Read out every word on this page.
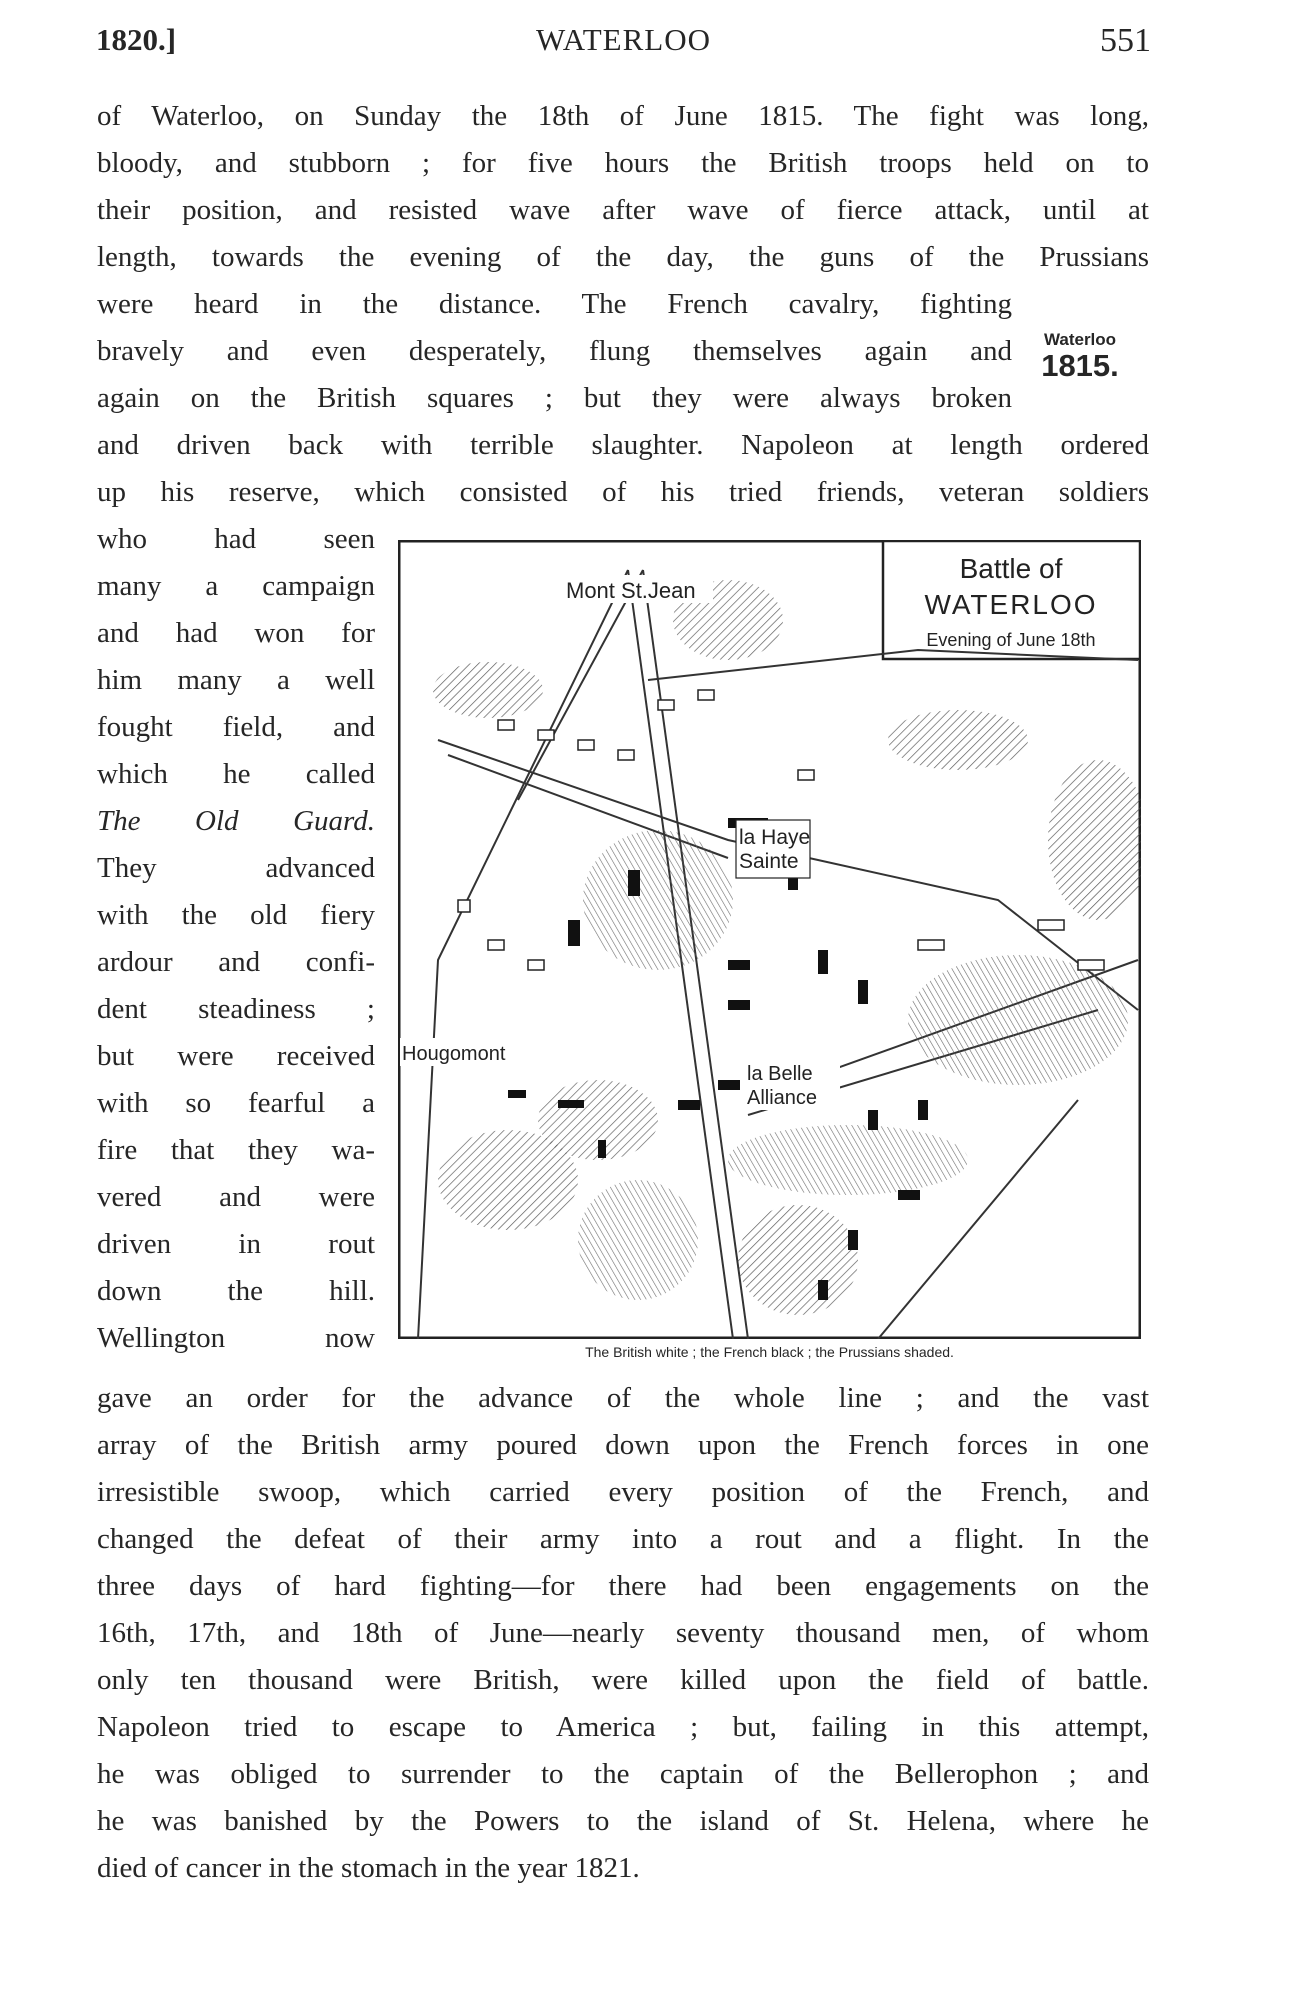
1820.]	WATERLOO	551
Waterloo
1815.
of Waterloo, on Sunday the 18th of June 1815. The fight was long,
bloody, and stubborn ; for five hours the British troops held on to
their position, and resisted wave after wave of fierce attack, until at
length, towards the evening of the day, the guns of the Prussians
were heard in the distance. The French cavalry, fighting
bravely and even desperately, flung themselves again and
again on the British squares ; but they were always broken
and driven back with terrible slaughter. Napoleon at length ordered
up his reserve, which consisted of his tried friends, veteran soldiers
who had seen
many a campaign
and had won for
him many a well
fought field, and
which he called
The Old Guard.
They advanced
with the old fiery
ardour and confi-
dent steadiness ;
but were received
with so fearful a
fire that they wa-
vered and were
driven in rout
down the hill.
Wellington now
Battle of
WATERLOO
Evening of June 18th
Mont St.Jean
la Haye
Sainte
Hougomont
la Belle
Alliance
The British white ; the French black ; the Prussians shaded.
gave an order for the advance of the whole line ; and the vast
array of the British army poured down upon the French forces in one
irresistible swoop, which carried every position of the French, and
changed the defeat of their army into a rout and a flight. In the
three days of hard fighting—for there had been engagements on the
16th, 17th, and 18th of June—nearly seventy thousand men, of whom
only ten thousand were British, were killed upon the field of battle.
Napoleon tried to escape to America ; but, failing in this attempt,
he was obliged to surrender to the captain of the Bellerophon ; and
he was banished by the Powers to the island of St. Helena, where he
died of cancer in the stomach in the year 1821.
